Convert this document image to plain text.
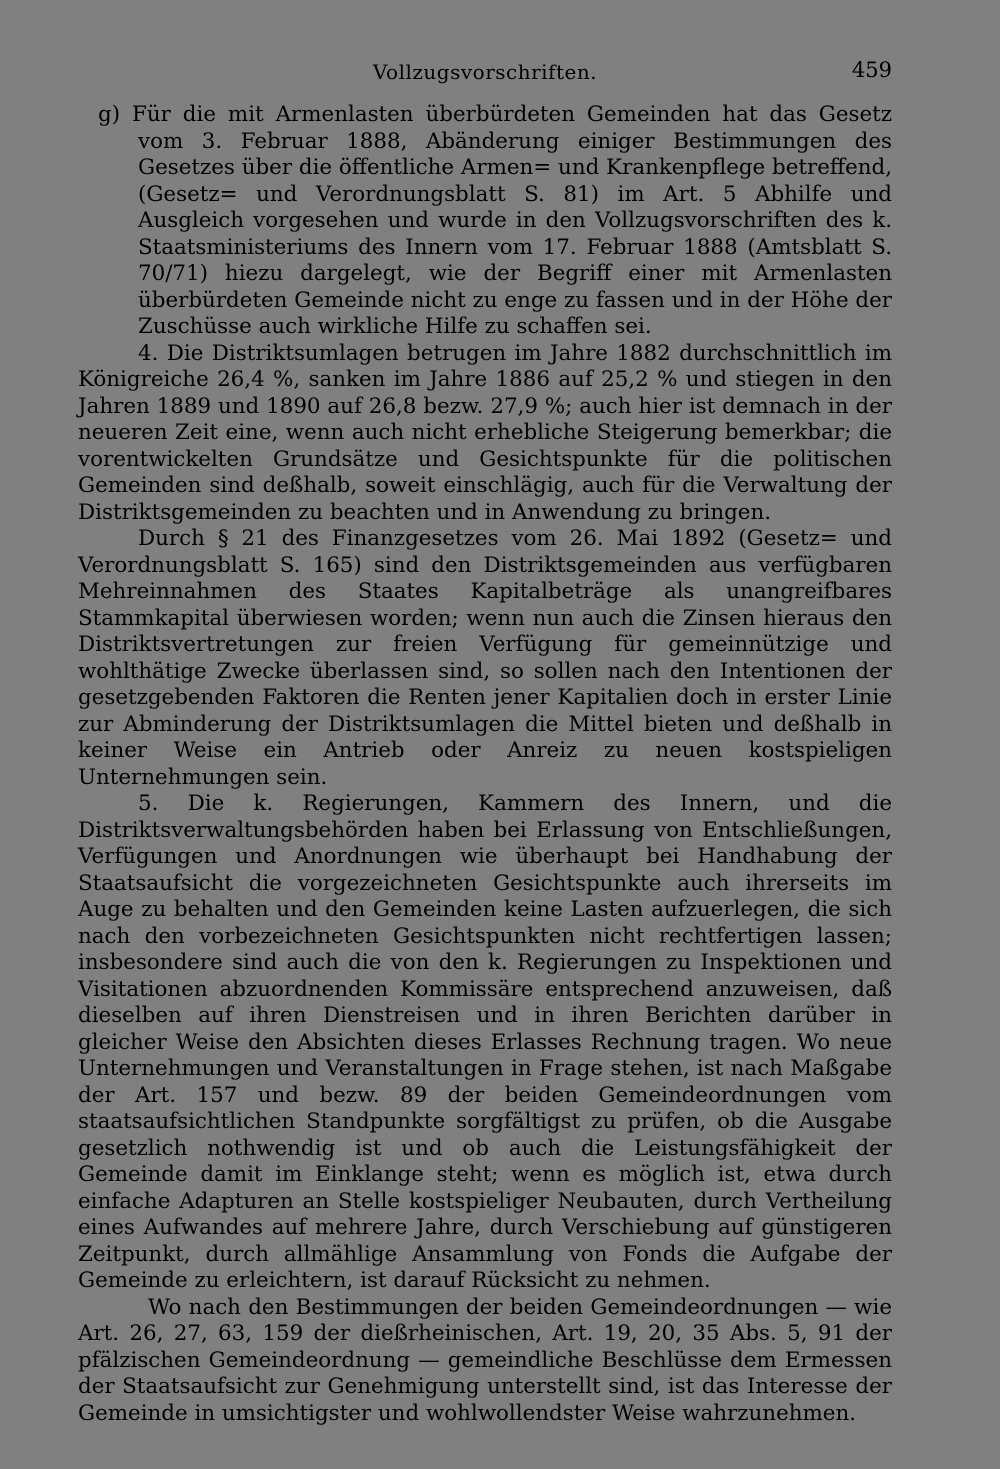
Vollzugsvorschriften.	459

g) Für die mit Armenlasten überbürdeten Gemeinden hat das Gesetz vom 3. Februar 1888, Abänderung einiger Bestimmungen des Gesetzes über die öffentliche Armen= und Krankenpflege betreffend, (Gesetz= und Verordnungsblatt S. 81) im Art. 5 Abhilfe und Ausgleich vorgesehen und wurde in den Vollzugsvorschriften des k. Staatsministeriums des Innern vom 17. Februar 1888 (Amtsblatt S. 70/71) hiezu dargelegt, wie der Begriff einer mit Armenlasten überbürdeten Gemeinde nicht zu enge zu fassen und in der Höhe der Zuschüsse auch wirkliche Hilfe zu schaffen sei.

4. Die Distriktsumlagen betrugen im Jahre 1882 durchschnittlich im Königreiche 26,4 %, sanken im Jahre 1886 auf 25,2 % und stiegen in den Jahren 1889 und 1890 auf 26,8 bezw. 27,9 %; auch hier ist demnach in der neueren Zeit eine, wenn auch nicht erhebliche Steigerung bemerkbar; die vorentwickelten Grundsätze und Gesichtspunkte für die politischen Gemeinden sind deßhalb, soweit einschlägig, auch für die Verwaltung der Distriktsgemeinden zu beachten und in Anwendung zu bringen.

Durch § 21 des Finanzgesetzes vom 26. Mai 1892 (Gesetz= und Verordnungsblatt S. 165) sind den Distriktsgemeinden aus verfügbaren Mehreinnahmen des Staates Kapitalbeträge als unangreifbares Stammkapital überwiesen worden; wenn nun auch die Zinsen hieraus den Distriktsvertretungen zur freien Verfügung für gemeinnützige und wohlthätige Zwecke überlassen sind, so sollen nach den Intentionen der gesetzgebenden Faktoren die Renten jener Kapitalien doch in erster Linie zur Abminderung der Distriktsumlagen die Mittel bieten und deßhalb in keiner Weise ein Antrieb oder Anreiz zu neuen kostspieligen Unternehmungen sein.

5. Die k. Regierungen, Kammern des Innern, und die Distriktsverwaltungsbehörden haben bei Erlassung von Entschließungen, Verfügungen und Anordnungen wie überhaupt bei Handhabung der Staatsaufsicht die vorgezeichneten Gesichtspunkte auch ihrerseits im Auge zu behalten und den Gemeinden keine Lasten aufzuerlegen, die sich nach den vorbezeichneten Gesichtspunkten nicht rechtfertigen lassen; insbesondere sind auch die von den k. Regierungen zu Inspektionen und Visitationen abzuordnenden Kommissäre entsprechend anzuweisen, daß dieselben auf ihren Dienstreisen und in ihren Berichten darüber in gleicher Weise den Absichten dieses Erlasses Rechnung tragen. Wo neue Unternehmungen und Veranstaltungen in Frage stehen, ist nach Maßgabe der Art. 157 und bezw. 89 der beiden Gemeindeordnungen vom staatsaufsichtlichen Standpunkte sorgfältigst zu prüfen, ob die Ausgabe gesetzlich nothwendig ist und ob auch die Leistungsfähigkeit der Gemeinde damit im Einklange steht; wenn es möglich ist, etwa durch einfache Adapturen an Stelle kostspieliger Neubauten, durch Vertheilung eines Aufwandes auf mehrere Jahre, durch Verschiebung auf günstigeren Zeitpunkt, durch allmählige Ansammlung von Fonds die Aufgabe der Gemeinde zu erleichtern, ist darauf Rücksicht zu nehmen.

Wo nach den Bestimmungen der beiden Gemeindeordnungen — wie Art. 26, 27, 63, 159 der dießrheinischen, Art. 19, 20, 35 Abs. 5, 91 der pfälzischen Gemeindeordnung — gemeindliche Beschlüsse dem Ermessen der Staatsaufsicht zur Genehmigung unterstellt sind, ist das Interesse der Gemeinde in umsichtigster und wohlwollendster Weise wahrzunehmen.
